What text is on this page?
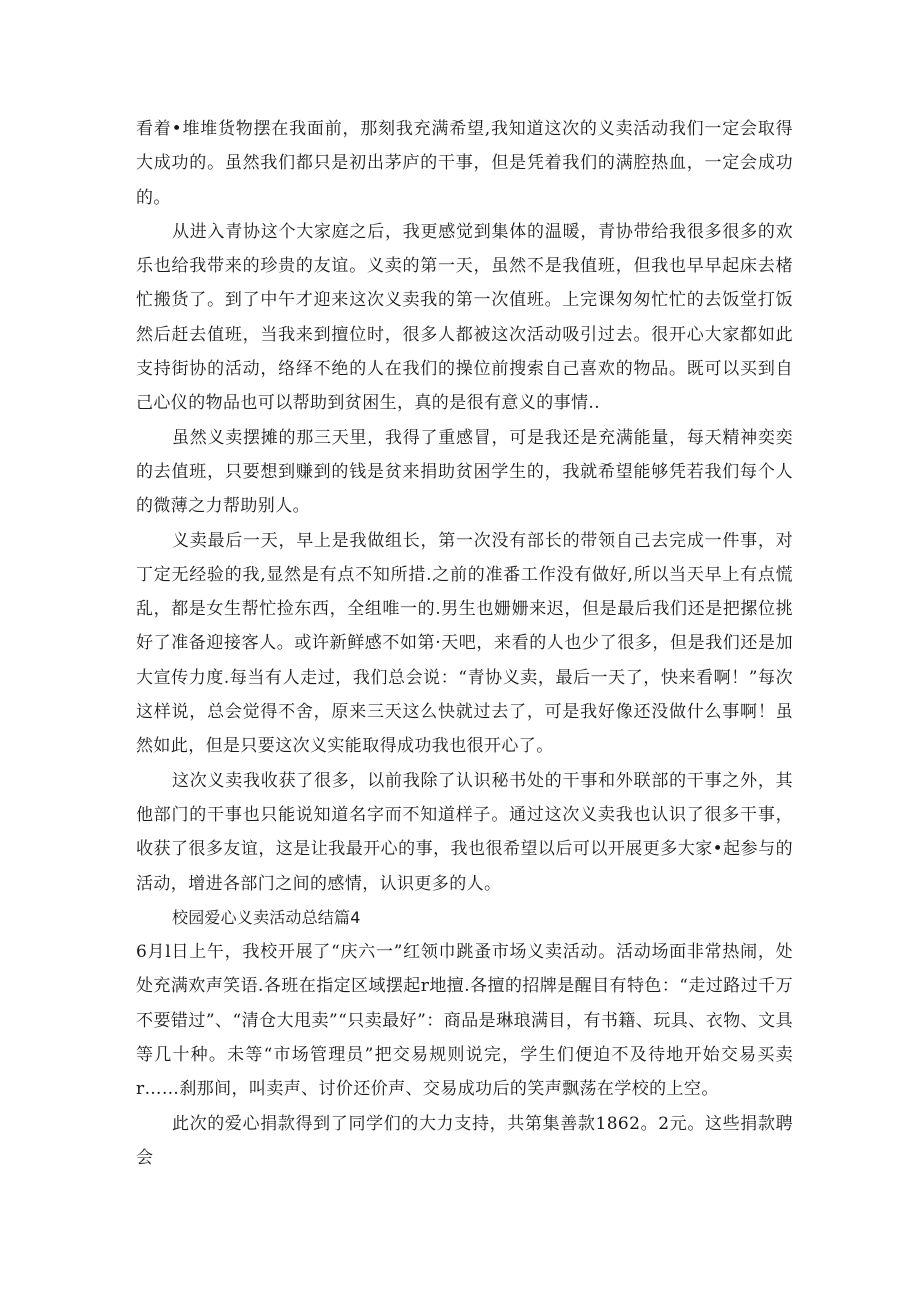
看着•堆堆货物摆在我面前，那刻我充满希望,我知道这次的义卖活动我们一定会取得大成功的。虽然我们都只是初出茅庐的干事，但是凭着我们的满腔热血，一定会成功的。

从进入青协这个大家庭之后，我更感觉到集体的温暖，青协带给我很多很多的欢乐也给我带来的珍贵的友谊。义卖的第一天，虽然不是我值班，但我也早早起床去楮忙搬货了。到了中午才迎来这次义卖我的第一次值班。上完课匆匆忙忙的去饭堂打饭然后赶去值班，当我来到擅位时，很多人都被这次活动吸引过去。很开心大家都如此支持街协的活动，络绎不绝的人在我们的操位前搜索自己喜欢的物品。既可以买到自己心仪的物品也可以帮助到贫困生，真的是很有意义的事情..

虽然义卖摆摊的那三天里，我得了重感冒，可是我还是充满能量，每天精神奕奕的去值班，只要想到赚到的钱是贫来捐助贫困学生的，我就希望能够凭若我们每个人的微薄之力帮助别人。

义卖最后一天，早上是我做组长，第一次没有部长的带领自己去完成一件事，对丁定无经验的我,显然是有点不知所措.之前的准番工作没有做好,所以当天早上有点慌乱，都是女生帮忙捡东西，全组唯一的.男生也姗姗来迟，但是最后我们还是把摞位挑好了准备迎接客人。或许新鲜感不如第·天吧，来看的人也少了很多，但是我们还是加大宣传力度.每当有人走过，我们总会说：“青协义卖，最后一天了，快来看啊！”每次这样说，总会觉得不舍，原来三天这么快就过去了，可是我好像还没做什么事啊！虽然如此，但是只要这次义实能取得成功我也很开心了。

这次义卖我收获了很多，以前我除了认识秘书处的干事和外联部的干事之外，其他部门的干事也只能说知道名字而不知道样子。通过这次义卖我也认识了很多干事，收获了很多友谊，这是让我最开心的事，我也很希望以后可以开展更多大家•起参与的活动，增进各部门之间的感情，认识更多的人。

校园爱心义卖活动总结篇4

6月l日上午，我校开展了“庆六一”红领巾跳蚤市场义卖活动。活动场面非常热闹，处处充满欢声笑语.各班在指定区域摆起r地擅.各擅的招牌是醒目有特色：“走过路过千万不要错过”、“清仓大甩卖”“只卖最好”：商品是琳琅满目，有书籍、玩具、衣物、文具等几十种。未等“市场管理员”把交易规则说完，学生们便迫不及待地开始交易买卖r……刹那间，叫卖声、讨价还价声、交易成功后的笑声飘荡在学校的上空。

此次的爱心捐款得到了同学们的大力支持，共第集善款1862。2元。这些捐款聘会
